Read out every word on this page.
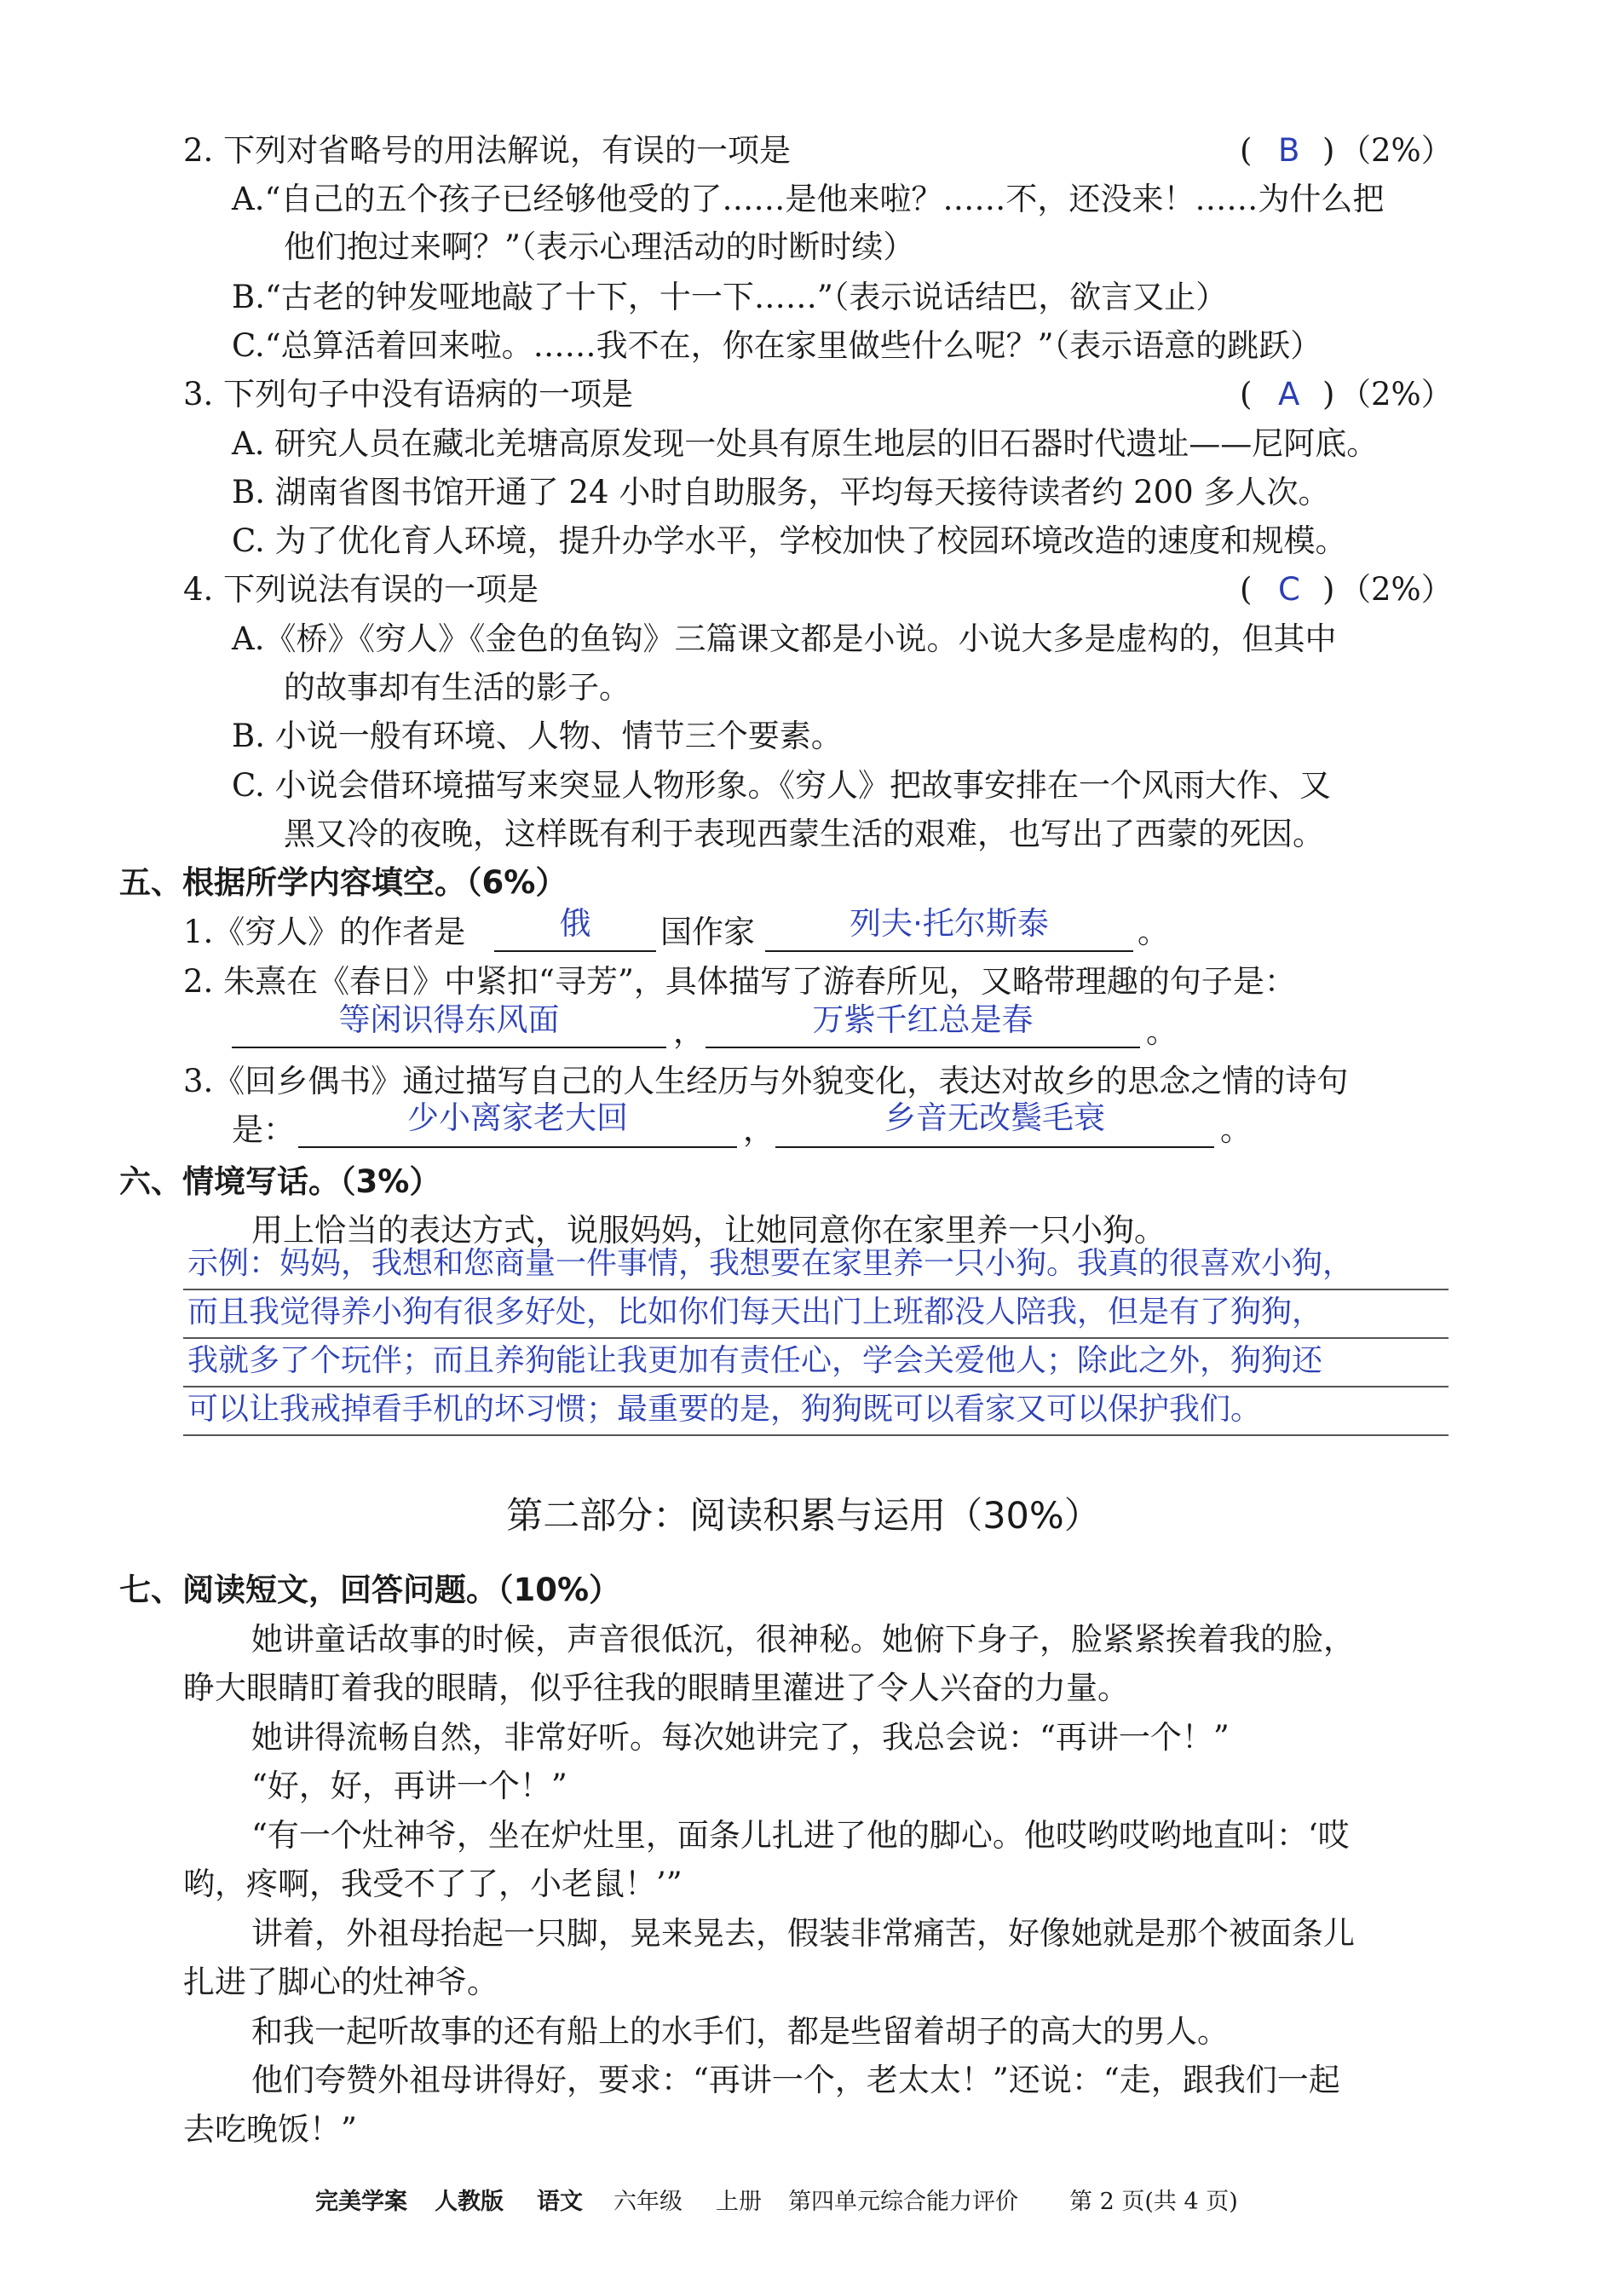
2. 下列对省略号的用法解说，有误的一项是	( B ) （2%）
A.“自己的五个孩子已经够他受的了……是他来啦？……不，还没来！……为什么把
他们抱过来啊？”（表示心理活动的时断时续）
B.“古老的钟发哑地敲了十下，十一下……”（表示说话结巴，欲言又止）
C.“总算活着回来啦。……我不在，你在家里做些什么呢？”（表示语意的跳跃）
3. 下列句子中没有语病的一项是	( A ) （2%）
A. 研究人员在藏北羌塘高原发现一处具有原生地层的旧石器时代遗址——尼阿底。
B. 湖南省图书馆开通了 24 小时自助服务，平均每天接待读者约 200 多人次。
C. 为了优化育人环境，提升办学水平，学校加快了校园环境改造的速度和规模。
4. 下列说法有误的一项是	( C ) （2%）
A.《桥》《穷人》《金色的鱼钩》三篇课文都是小说。小说大多是虚构的，但其中
的故事却有生活的影子。
B. 小说一般有环境、人物、情节三个要素。
C. 小说会借环境描写来突显人物形象。《穷人》把故事安排在一个风雨大作、又
黑又冷的夜晚，这样既有利于表现西蒙生活的艰难，也写出了西蒙的死因。
五、根据所学内容填空。（6%）
1.《穷人》的作者是	俄	国作家	列夫·托尔斯泰	。
2. 朱熹在《春日》中紧扣“寻芳”，具体描写了游春所见，又略带理趣的句子是：
等闲识得东风面	，	万紫千红总是春	。
3.《回乡偶书》通过描写自己的人生经历与外貌变化，表达对故乡的思念之情的诗句
是：	少小离家老大回	，	乡音无改鬓毛衰	。
六、情境写话。（3%）
用上恰当的表达方式，说服妈妈，让她同意你在家里养一只小狗。
示例：妈妈，我想和您商量一件事情，我想要在家里养一只小狗。我真的很喜欢小狗，
而且我觉得养小狗有很多好处，比如你们每天出门上班都没人陪我，但是有了狗狗，
我就多了个玩伴；而且养狗能让我更加有责任心，学会关爱他人；除此之外，狗狗还
可以让我戒掉看手机的坏习惯；最重要的是，狗狗既可以看家又可以保护我们。
第二部分：阅读积累与运用（30%）
七、阅读短文，回答问题。（10%）
她讲童话故事的时候，声音很低沉，很神秘。她俯下身子，脸紧紧挨着我的脸，
睁大眼睛盯着我的眼睛，似乎往我的眼睛里灌进了令人兴奋的力量。
她讲得流畅自然，非常好听。每次她讲完了，我总会说：“再讲一个！”
“好，好，再讲一个！”
“有一个灶神爷，坐在炉灶里，面条儿扎进了他的脚心。他哎哟哎哟地直叫：‘哎
哟，疼啊，我受不了了，小老鼠！’”
讲着，外祖母抬起一只脚，晃来晃去，假装非常痛苦，好像她就是那个被面条儿
扎进了脚心的灶神爷。
和我一起听故事的还有船上的水手们，都是些留着胡子的高大的男人。
他们夸赞外祖母讲得好，要求：“再讲一个，老太太！”还说：“走，跟我们一起
去吃晚饭！”
完美学案 人教版 语文 六年级 上册 第四单元综合能力评价 第 2 页(共 4 页)
